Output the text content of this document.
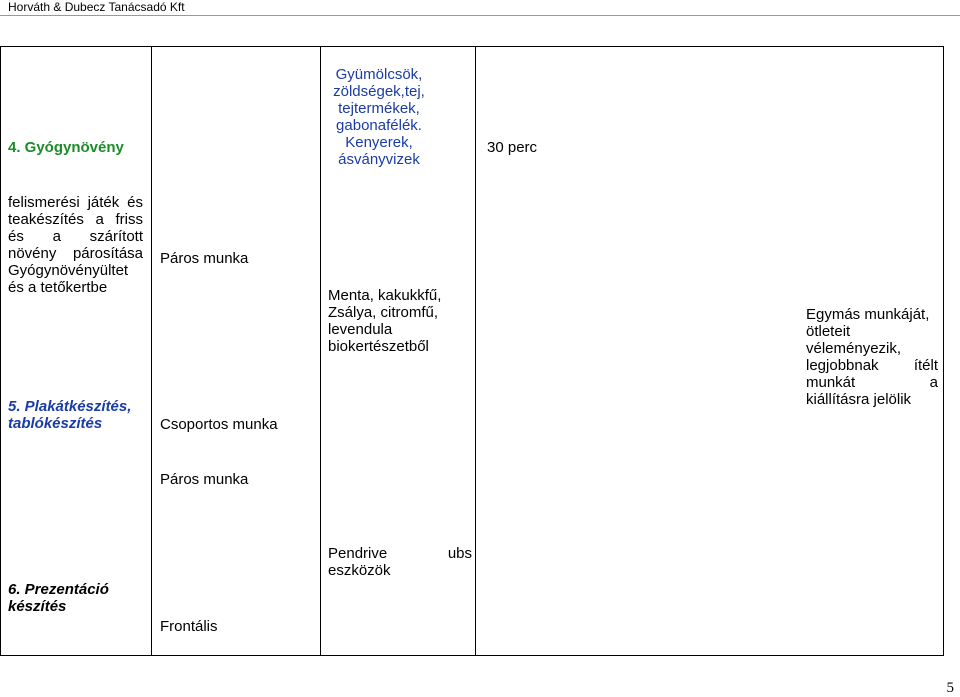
Horváth & Dubecz Tanácsadó Kft
4. Gyógynövény
Gyümölcsök, zöldségek,tej, tejtermékek, gabonafélék. Kenyerek, ásványvizek
30 perc
felismerési játék és
teakészítés a friss
és a szárított
növény párosítása
Gyógynövényültet
és a tetőkertbe
Páros munka
Menta, kakukkfű, Zsálya, citromfű, levendula biokertészetből
5. Plakátkészítés, tablókészítés	Csoportos munka
Páros munka
Egymás munkáját,
ötleteit
véleményezik,
legjobbnak ítélt
munkát a
kiállításra jelölik
6. Prezentáció készítés
Frontális
Pendrive	ubs
eszközök
5
